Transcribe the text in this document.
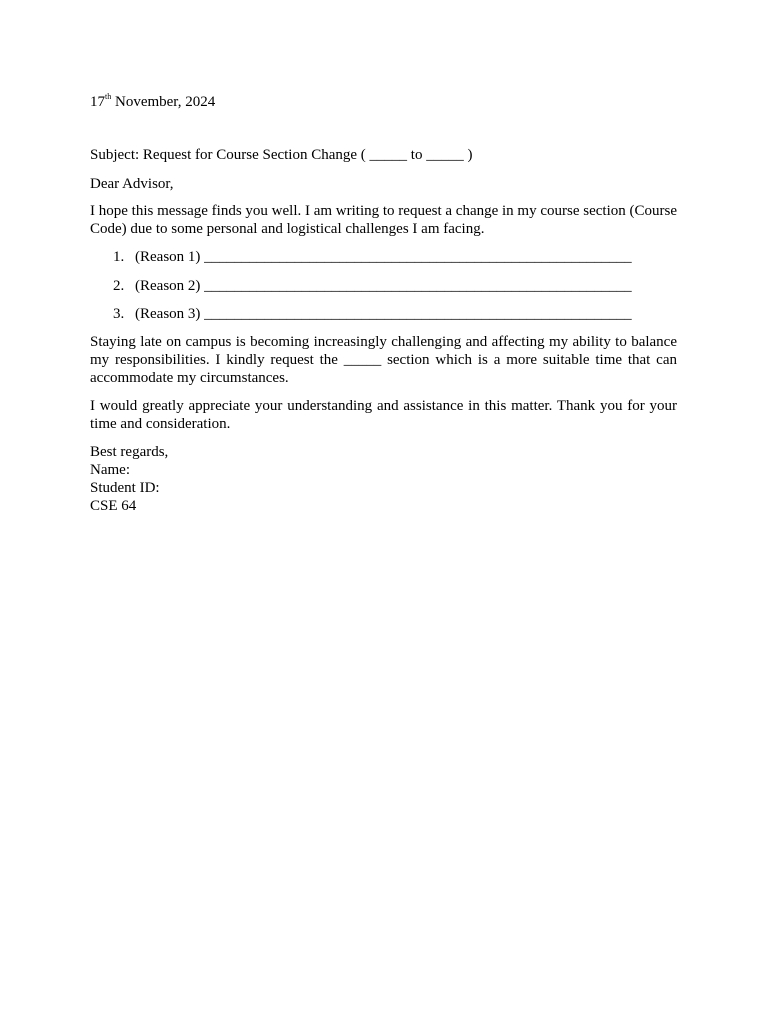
17th November, 2024

Subject: Request for Course Section Change ( _____ to _____ )

Dear Advisor,

I hope this message finds you well. I am writing to request a change in my course section (Course Code) due to some personal and logistical challenges I am facing.

1. (Reason 1) _________________________________________________________
2. (Reason 2) _________________________________________________________
3. (Reason 3) _________________________________________________________

Staying late on campus is becoming increasingly challenging and affecting my ability to balance my responsibilities. I kindly request the _____ section which is a more suitable time that can accommodate my circumstances.

I would greatly appreciate your understanding and assistance in this matter. Thank you for your time and consideration.

Best regards,
Name:
Student ID:
CSE 64
